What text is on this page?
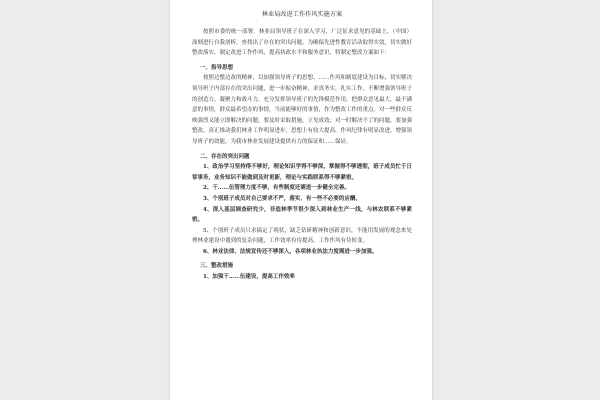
林业局改进工作作风实施方案

按照市委的统一部署，林业局领导班子在深入学习，广泛征求意见的基础上，（中国）深刻进行自我剖析，查找出了存在的突出问题。为确保先进性教育活动取得实效，切实做好整改落实，制定改进工作作风，提高执政水平和服务意识，特制定整改方案如下：

一、指导思想

按照边整边改的精神，以加强领导班子的思想、……作风和制度建设为目标，切实解决领导班子内部存在的突出问题，进一步振奋精神，求真务实，扎实工作，不断增强领导班子的创造力、凝聚力和战斗力，充分发挥领导班子的先锋模范作用，把群众意见最大，最不满意的事情，群众最希望办的事情，当前能够好的事情，作为整改工作的重点。对一些群众反映强烈又能立即解决的问题，要及时采取措施，立见成效；对一时解决不了的问题，要加强整改，真正推动我们林业工作明显进步，思想上有较大提高，作风纪律有明显改进，增强领导班子的效能，为我市林业发展建设提供有力的保证和……保证。

二、存在的突出问题

1、政治学习坚持得不够好，理论知识学得不够深，掌握得不够透彻，班子成员忙于日常事务，业务知识不能做到及时更新，理论与实践联系得不够紧密。

2、干……伍管理力度不够，有些制度还需进一步健全完善。

3、个别班子成员对自己要求不严，落实、有一些不必要的应酬。

4、深入基层调查研究少，非造林季节很少深入到林业生产一线，与林农联系不够紧密。

5、个别班子成员只求搞定了现状，缺乏钻研精神和创新意识，不能用发展的观念来处理林业建设中遇到的复杂问题，工作效率有待提高，工作作风有待转变。

6、林业法律、法规宣传还不够深入，各项林业执法力度需进一步加强。

三、整改措施

1、加强干……伍建设，提高工作效率
